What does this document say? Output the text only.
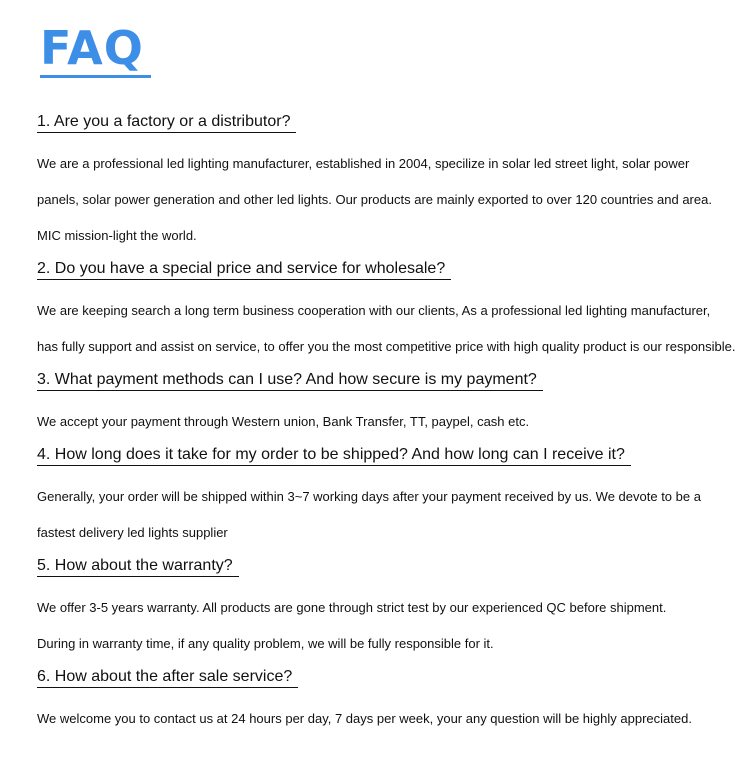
FAQ
1. Are you a factory or a distributor?

We are a professional led lighting manufacturer, established in 2004, specilize in solar led street light, solar power

panels, solar power generation and other led lights. Our products are mainly exported to over 120 countries and area.

MIC mission-light the world.

2. Do you have a special price and service for wholesale?

We are keeping search a long term business cooperation with our clients, As a professional led lighting manufacturer,

has fully support and assist on service, to offer you the most competitive price with high quality product is our responsible.

3. What payment methods can I use? And how secure is my payment?

We accept your payment through Western union, Bank Transfer, TT, paypel, cash etc.

4. How long does it take for my order to be shipped? And how long can I receive it?

Generally, your order will be shipped within 3~7 working days after your payment received by us. We devote to be a

fastest delivery led lights supplier

5. How about the warranty?

We offer 3-5 years warranty. All products are gone through strict test by our experienced QC before shipment.

During in warranty time, if any quality problem, we will be fully responsible for it.

6. How about the after sale service?

We welcome you to contact us at 24 hours per day, 7 days per week, your any question will be highly appreciated.
